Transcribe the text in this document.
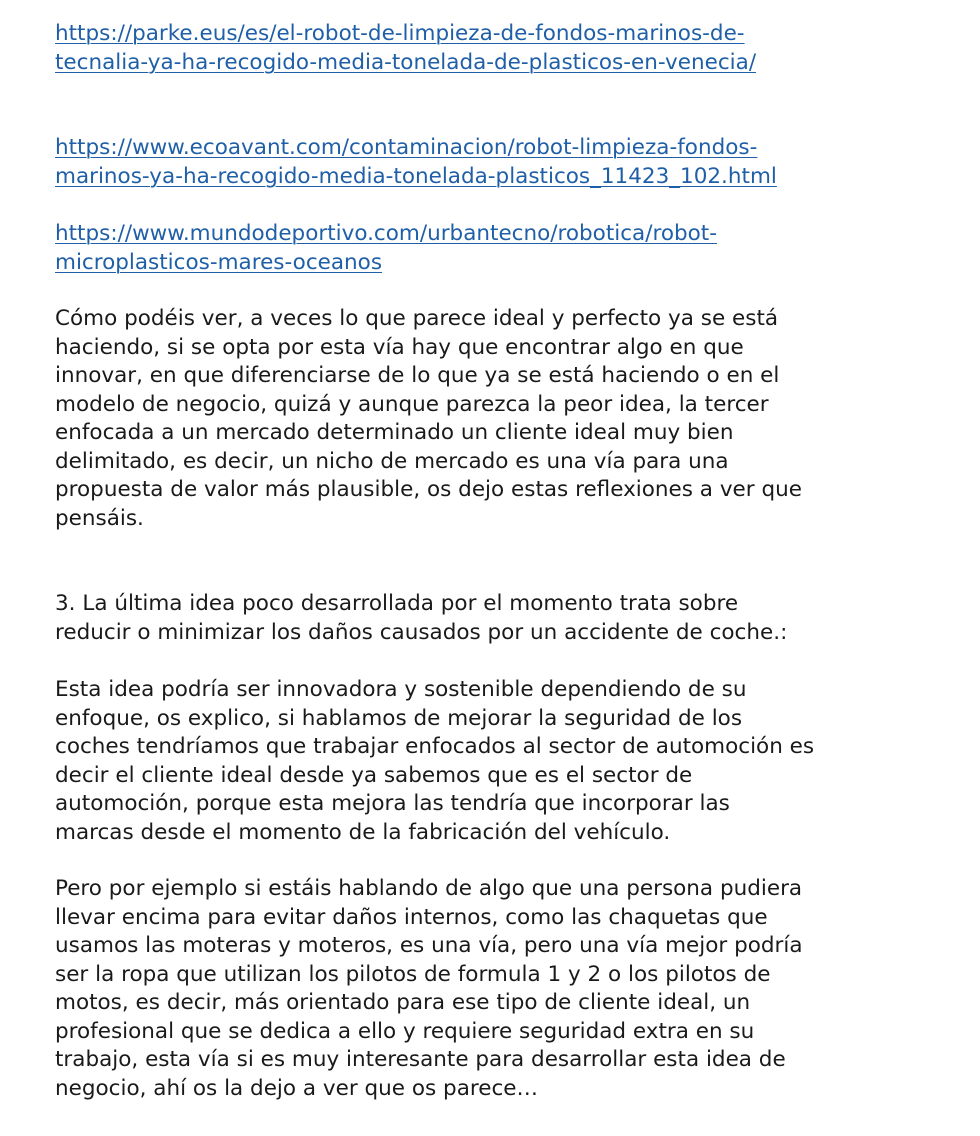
https://parke.eus/es/el-robot-de-limpieza-de-fondos-marinos-de-
tecnalia-ya-ha-recogido-media-tonelada-de-plasticos-en-venecia/
https://www.ecoavant.com/contaminacion/robot-limpieza-fondos-
marinos-ya-ha-recogido-media-tonelada-plasticos_11423_102.html
https://www.mundodeportivo.com/urbantecno/robotica/robot-
microplasticos-mares-oceanos
Cómo podéis ver, a veces lo que parece ideal y perfecto ya se está
haciendo, si se opta por esta vía hay que encontrar algo en que
innovar, en que diferenciarse de lo que ya se está haciendo o en el
modelo de negocio, quizá y aunque parezca la peor idea, la tercer
enfocada a un mercado determinado un cliente ideal muy bien
delimitado, es decir, un nicho de mercado es una vía para una
propuesta de valor más plausible, os dejo estas reflexiones a ver que
pensáis.
3. La última idea poco desarrollada por el momento trata sobre
reducir o minimizar los daños causados por un accidente de coche.:
Esta idea podría ser innovadora y sostenible dependiendo de su
enfoque, os explico, si hablamos de mejorar la seguridad de los
coches tendríamos que trabajar enfocados al sector de automoción es
decir el cliente ideal desde ya sabemos que es el sector de
automoción, porque esta mejora las tendría que incorporar las
marcas desde el momento de la fabricación del vehículo.
Pero por ejemplo si estáis hablando de algo que una persona pudiera
llevar encima para evitar daños internos, como las chaquetas que
usamos las moteras y moteros, es una vía, pero una vía mejor podría
ser la ropa que utilizan los pilotos de formula 1 y 2 o los pilotos de
motos, es decir, más orientado para ese tipo de cliente ideal, un
profesional que se dedica a ello y requiere seguridad extra en su
trabajo, esta vía si es muy interesante para desarrollar esta idea de
negocio, ahí os la dejo a ver que os parece…
